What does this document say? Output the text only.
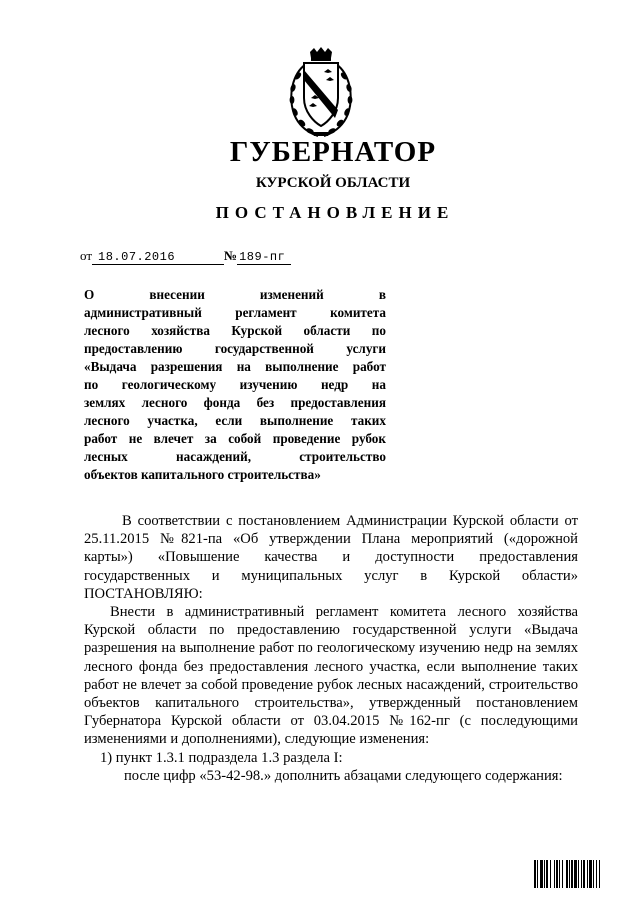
ГУБЕРНАТОР
КУРСКОЙ ОБЛАСТИ
ПОСТАНОВЛЕНИЕ
от 18.07.2016	№ 189-пг
О внесении изменений в
административный регламент комитета
лесного хозяйства Курской области по
предоставлению государственной услуги
«Выдача разрешения на выполнение работ
по геологическому изучению недр на
землях лесного фонда без предоставления
лесного участка, если выполнение таких
работ не влечет за собой проведение рубок
лесных насаждений, строительство
объектов капитального строительства»

В соответствии с постановлением Администрации Курской области от 25.11.2015 №821-па «Об утверждении Плана мероприятий («дорожной карты») «Повышение качества и доступности предоставления государственных и муниципальных услуг в Курской области» ПОСТАНОВЛЯЮ:

Внести в административный регламент комитета лесного хозяйства Курской области по предоставлению государственной услуги «Выдача разрешения на выполнение работ по геологическому изучению недр на землях лесного фонда без предоставления лесного участка, если выполнение таких работ не влечет за собой проведение рубок лесных насаждений, строительство объектов капитального строительства», утвержденный постановлением Губернатора Курской области от 03.04.2015 №162-пг (с последующими изменениями и дополнениями), следующие изменения:

1) пункт 1.3.1 подраздела 1.3 раздела I:

после цифр «53-42-98.» дополнить абзацами следующего содержания:
